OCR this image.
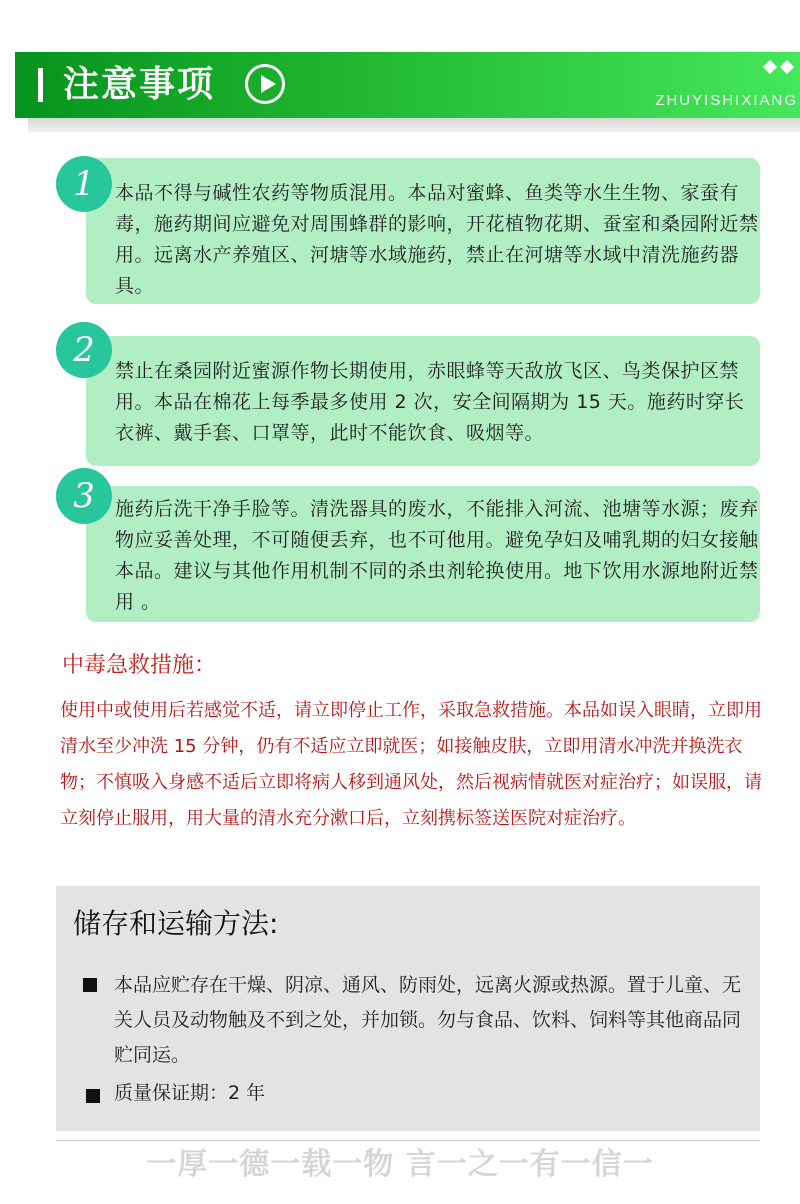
注意事项	ZHUYISHIXIANG
本品不得与碱性农药等物质混用。本品对蜜蜂、鱼类等水生生物、家蚕有毒，施药期间应避免对周围蜂群的影响，开花植物花期、蚕室和桑园附近禁用。远离水产养殖区、河塘等水域施药，禁止在河塘等水域中清洗施药器具。
1
禁止在桑园附近蜜源作物长期使用，赤眼蜂等天敌放飞区、鸟类保护区禁用。本品在棉花上每季最多使用 2 次，安全间隔期为 15 天。施药时穿长衣裤、戴手套、口罩等，此时不能饮食、吸烟等。
2
施药后洗干净手脸等。清洗器具的废水，不能排入河流、池塘等水源；废弃物应妥善处理，不可随便丢弃，也不可他用。避免孕妇及哺乳期的妇女接触本品。建议与其他作用机制不同的杀虫剂轮换使用。地下饮用水源地附近禁用 。
3
中毒急救措施：
使用中或使用后若感觉不适，请立即停止工作，采取急救措施。本品如误入眼睛，立即用清水至少冲洗 15 分钟，仍有不适应立即就医；如接触皮肤，立即用清水冲洗并换洗衣物；不慎吸入身感不适后立即将病人移到通风处，然后视病情就医对症治疗；如误服，请立刻停止服用，用大量的清水充分漱口后，立刻携标签送医院对症治疗。
储存和运输方法:
本品应贮存在干燥、阴凉、通风、防雨处，远离火源或热源。置于儿童、无关人员及动物触及不到之处，并加锁。勿与食品、饮料、饲料等其他商品同贮同运。
质量保证期：2 年
一厚一德一载一物 言一之一有一信一
